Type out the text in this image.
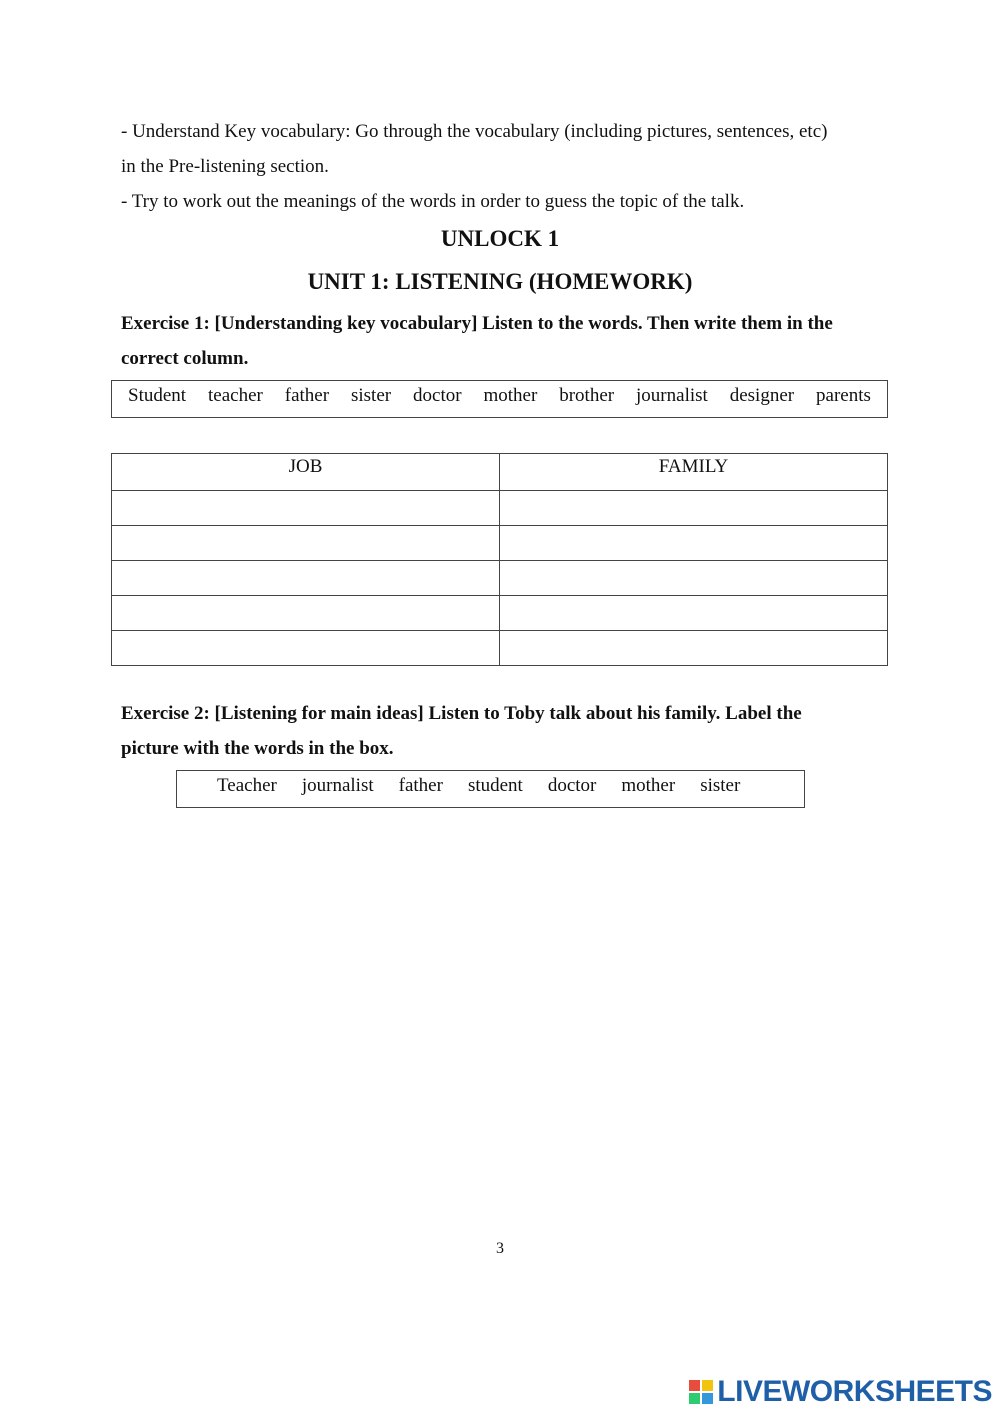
- Understand Key vocabulary: Go through the vocabulary (including pictures, sentences, etc)

in the Pre-listening section.

- Try to work out the meanings of the words in order to guess the topic of the talk.

UNLOCK 1
UNIT 1: LISTENING (HOMEWORK)

Exercise 1: [Understanding key vocabulary] Listen to the words. Then write them in the

correct column.

Student teacher father sister doctor mother brother journalist designer parents
JOB	FAMILY

Exercise 2: [Listening for main ideas] Listen to Toby talk about his family. Label the

picture with the words in the box.

Teacher journalist father student doctor mother sister
3
LIVEWORKSHEETS
